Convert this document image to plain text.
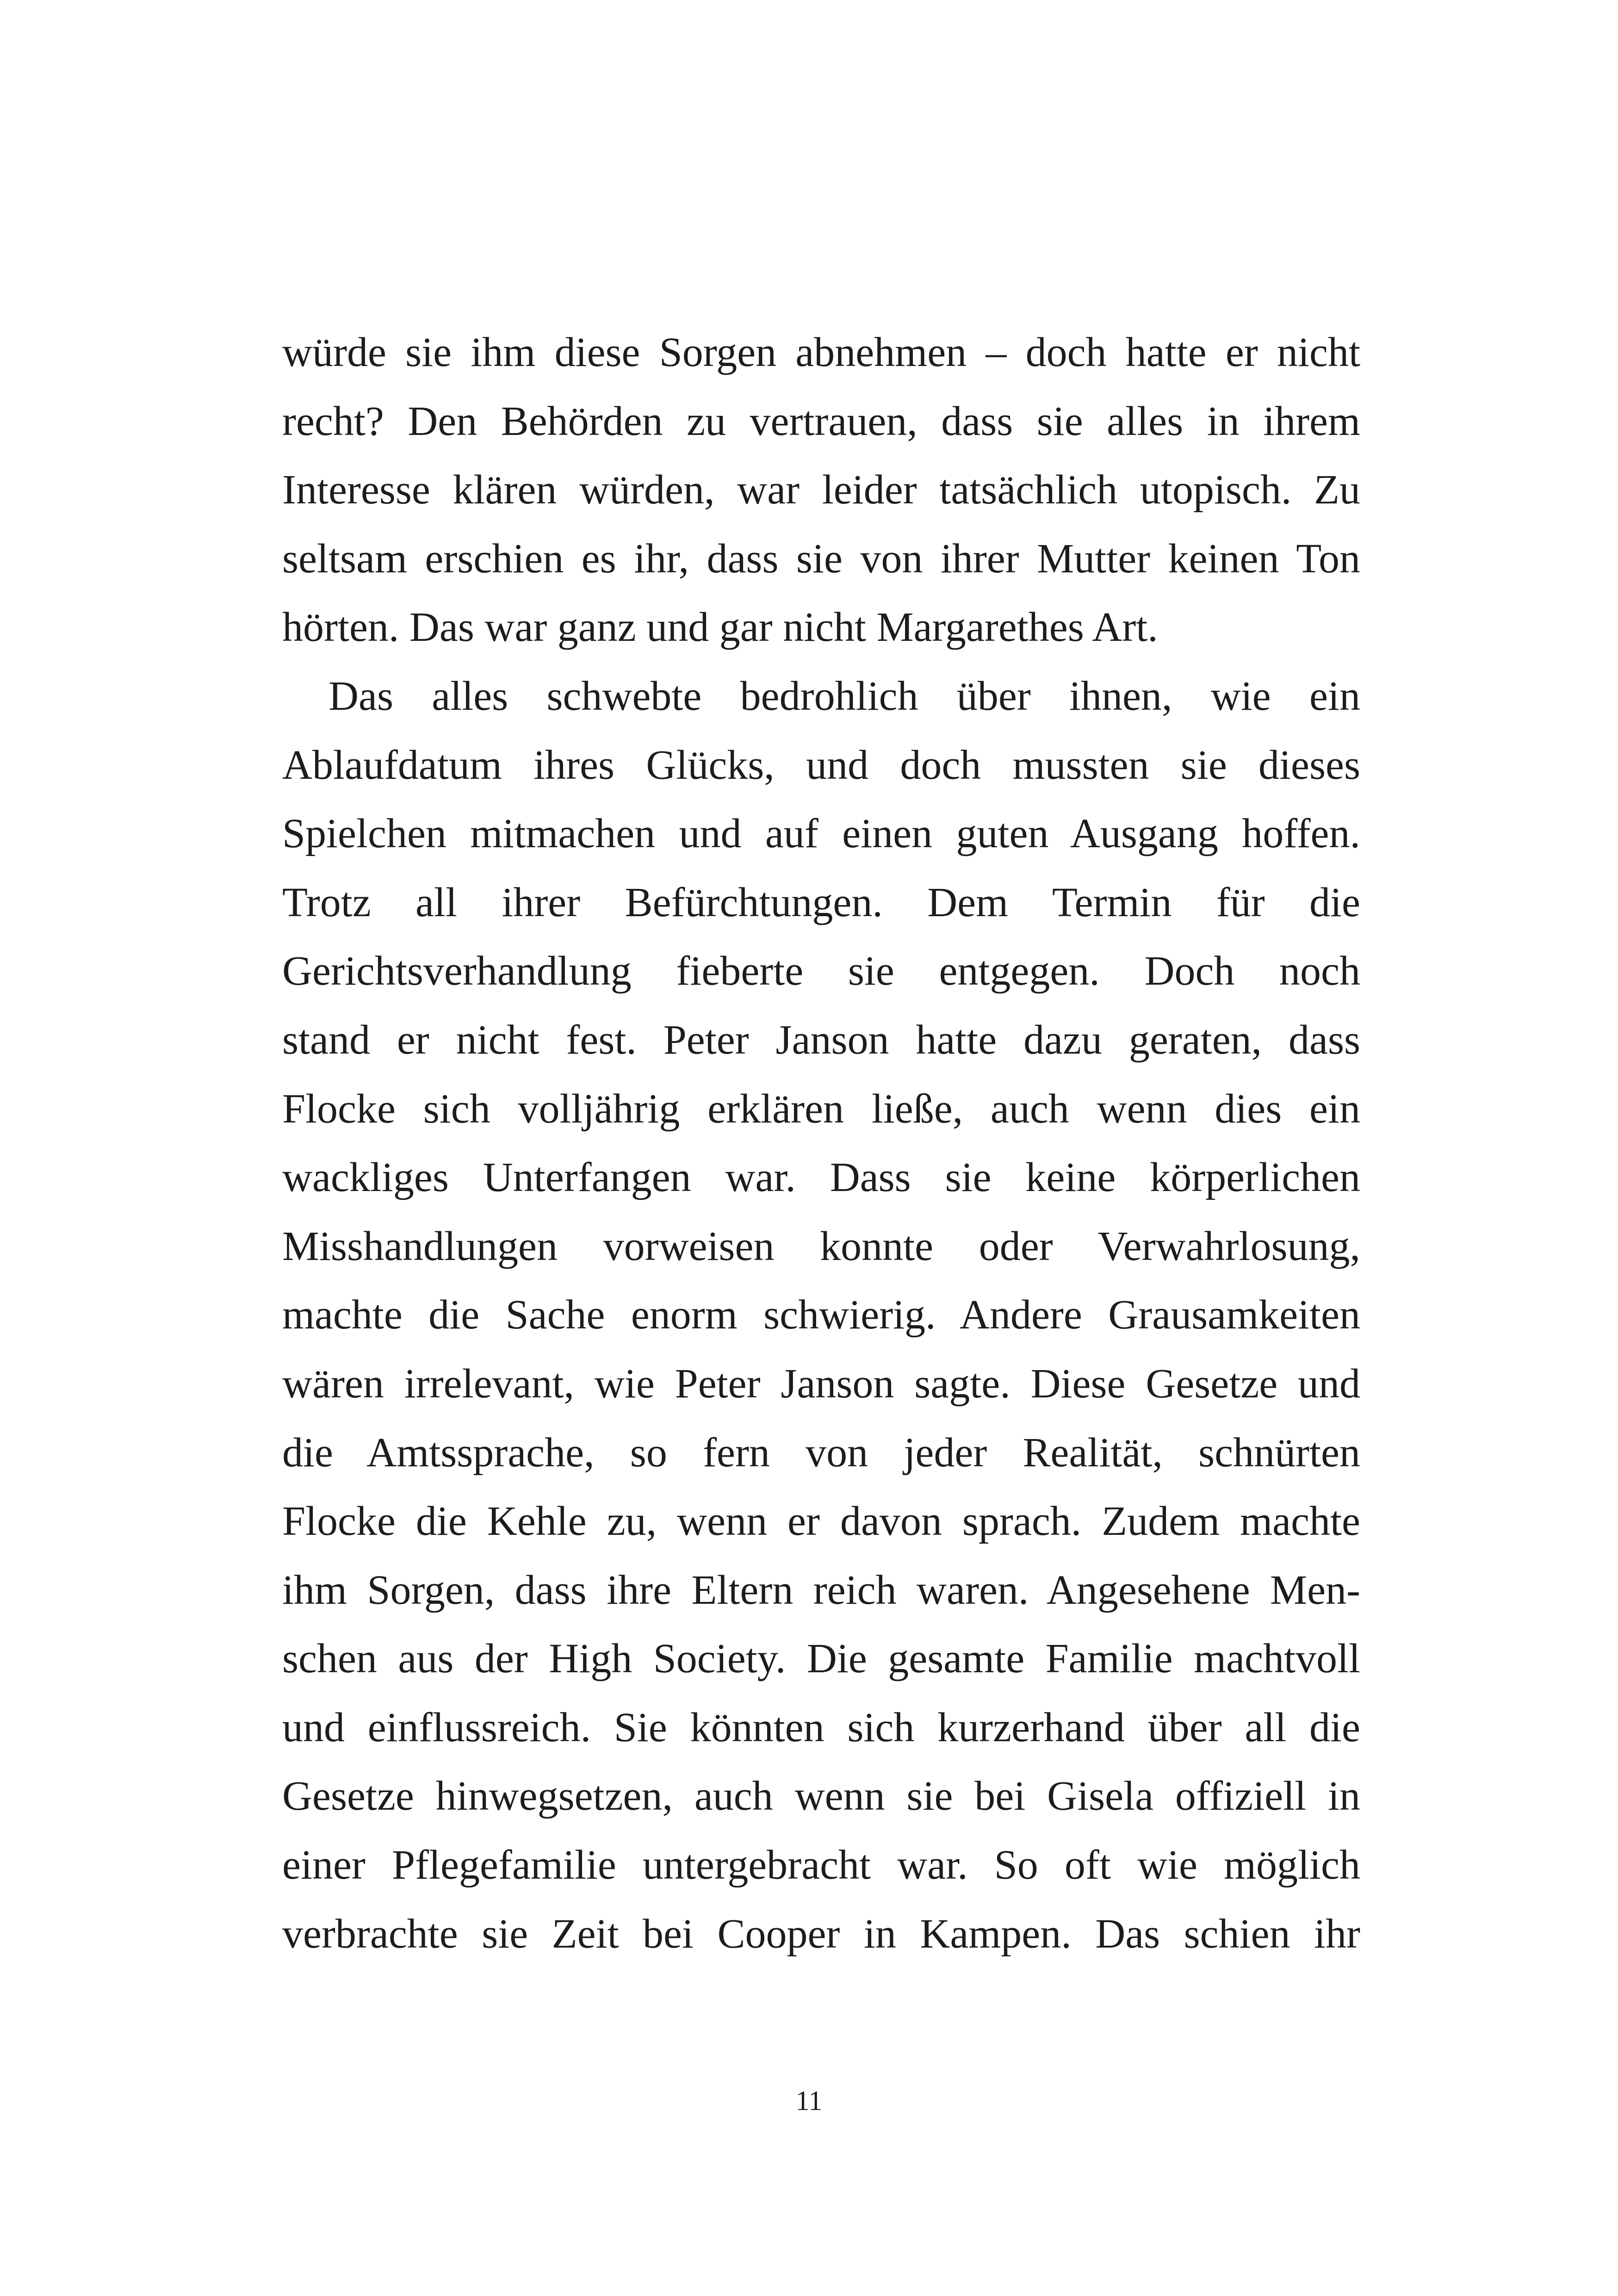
würde sie ihm diese Sorgen abnehmen – doch hatte er nicht
recht? Den Behörden zu vertrauen, dass sie alles in ihrem
Interesse klären würden, war leider tatsächlich utopisch. Zu
seltsam erschien es ihr, dass sie von ihrer Mutter keinen Ton
hörten. Das war ganz und gar nicht Margarethes Art.
Das alles schwebte bedrohlich über ihnen, wie ein
Ablaufdatum ihres Glücks, und doch mussten sie dieses
Spielchen mitmachen und auf einen guten Ausgang hoffen.
Trotz all ihrer Befürchtungen. Dem Termin für die
Gerichtsverhandlung fieberte sie entgegen. Doch noch
stand er nicht fest. Peter Janson hatte dazu geraten, dass
Flocke sich volljährig erklären ließe, auch wenn dies ein
wackliges Unterfangen war. Dass sie keine körperlichen
Misshandlungen vorweisen konnte oder Verwahrlosung,
machte die Sache enorm schwierig. Andere Grausamkeiten
wären irrelevant, wie Peter Janson sagte. Diese Gesetze und
die Amtssprache, so fern von jeder Realität, schnürten
Flocke die Kehle zu, wenn er davon sprach. Zudem machte
ihm Sorgen, dass ihre Eltern reich waren. Angesehene Men-
schen aus der High Society. Die gesamte Familie machtvoll
und einflussreich. Sie könnten sich kurzerhand über all die
Gesetze hinwegsetzen, auch wenn sie bei Gisela offiziell in
einer Pflegefamilie untergebracht war. So oft wie möglich
verbrachte sie Zeit bei Cooper in Kampen. Das schien ihr
11
